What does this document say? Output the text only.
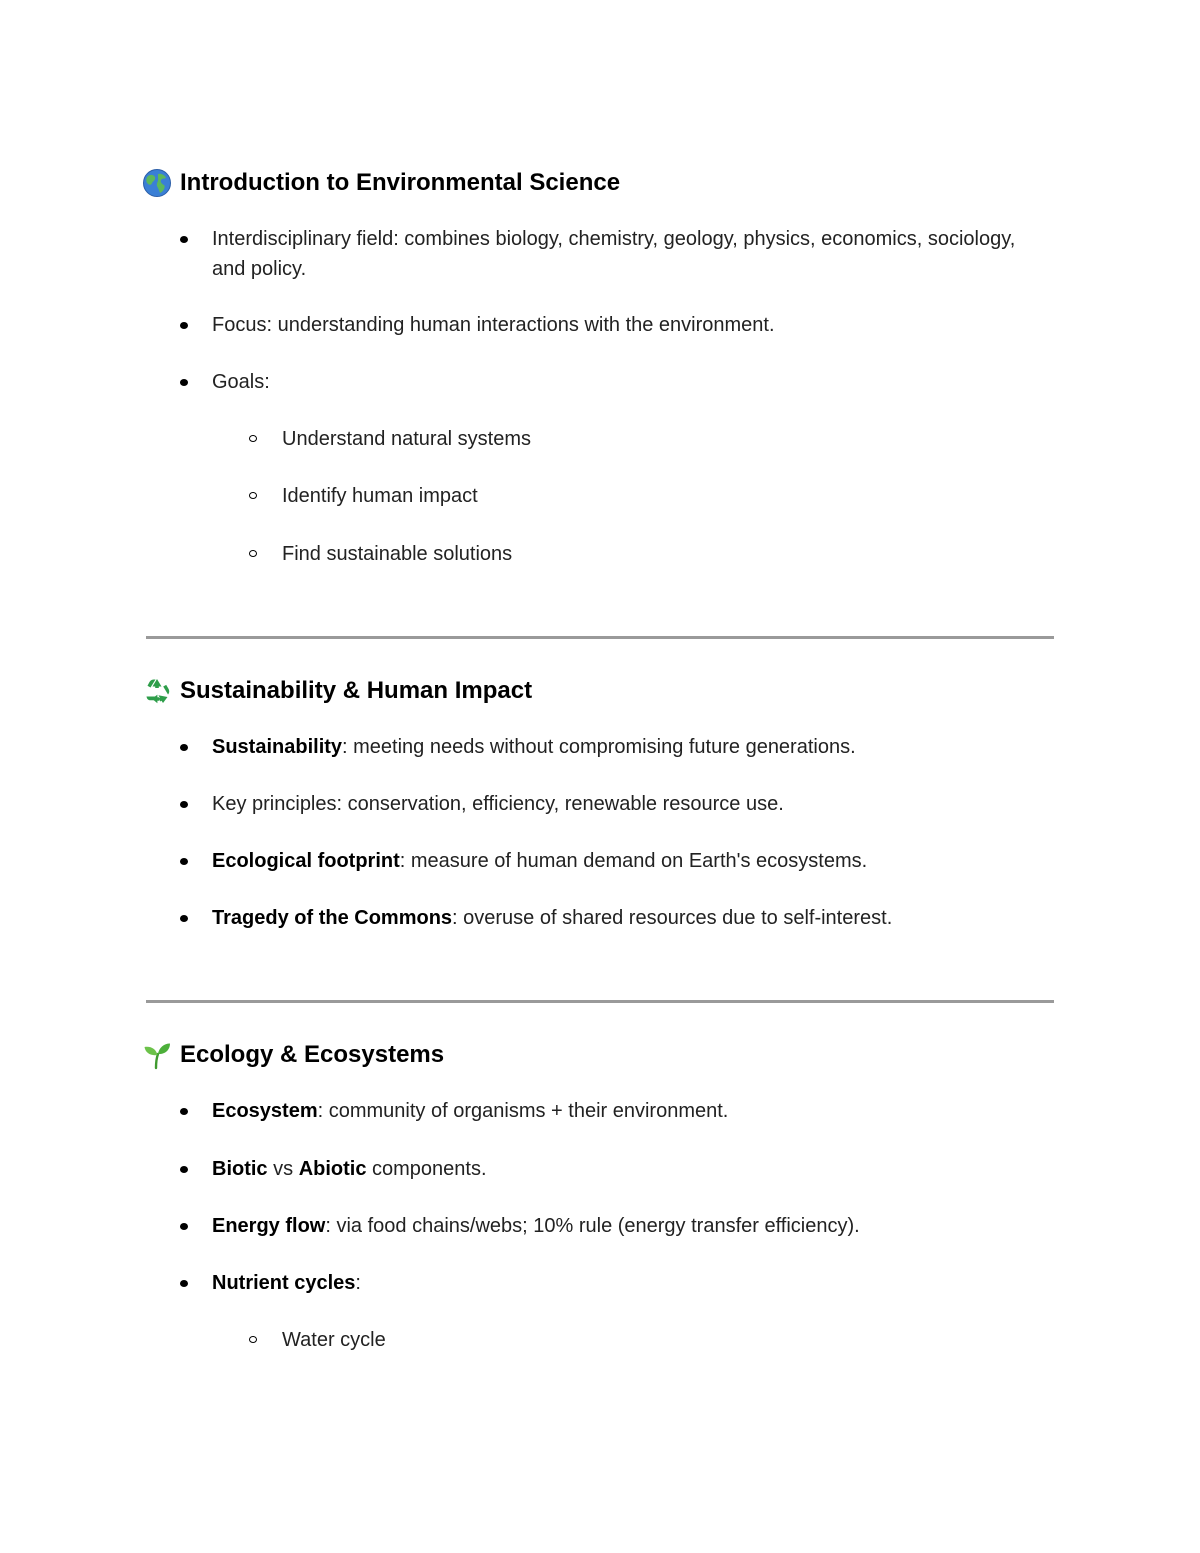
Introduction to Environmental Science
Interdisciplinary field: combines biology, chemistry, geology, physics, economics, sociology, and policy.
Focus: understanding human interactions with the environment.
Goals:
Understand natural systems
Identify human impact
Find sustainable solutions
Sustainability & Human Impact
Sustainability: meeting needs without compromising future generations.
Key principles: conservation, efficiency, renewable resource use.
Ecological footprint: measure of human demand on Earth's ecosystems.
Tragedy of the Commons: overuse of shared resources due to self-interest.
Ecology & Ecosystems
Ecosystem: community of organisms + their environment.
Biotic vs Abiotic components.
Energy flow: via food chains/webs; 10% rule (energy transfer efficiency).
Nutrient cycles:
Water cycle
